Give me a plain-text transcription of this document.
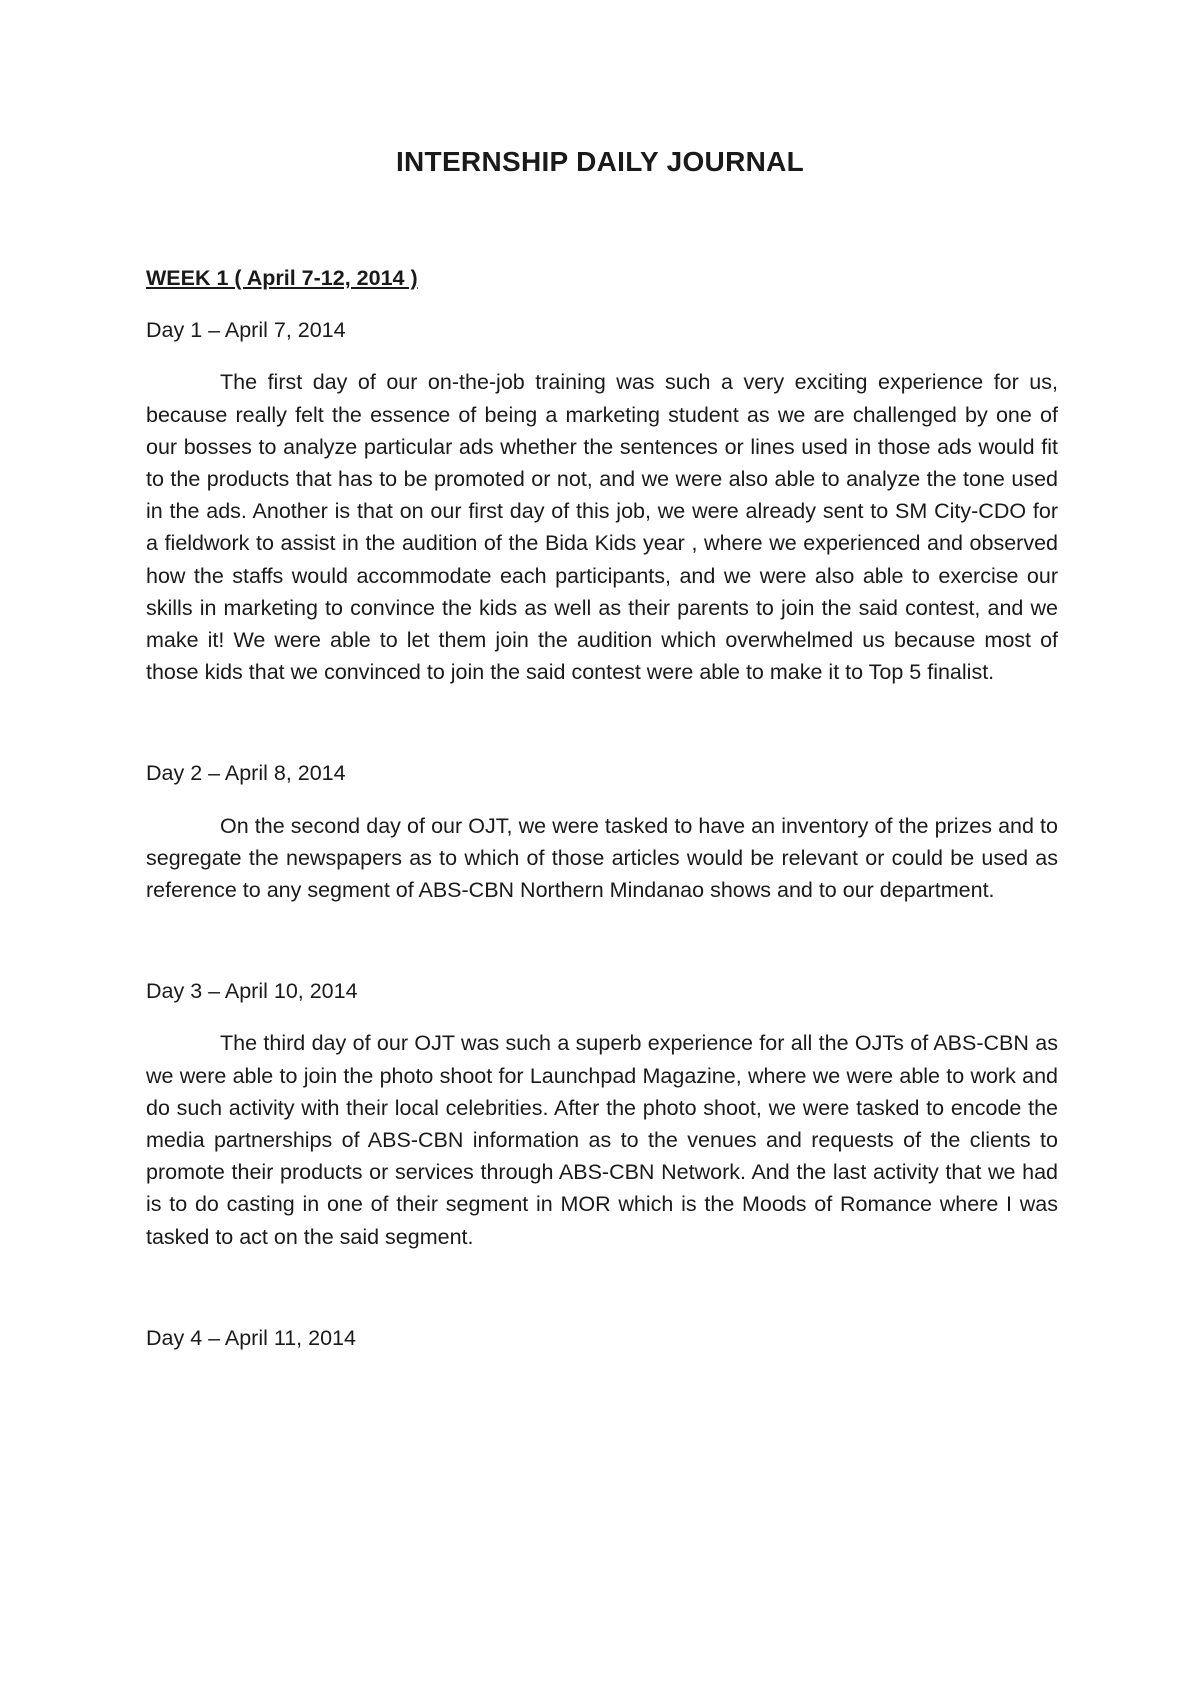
INTERNSHIP DAILY JOURNAL

WEEK 1 ( April 7-12, 2014 )

Day 1 – April 7, 2014

The first day of our on-the-job training was such a very exciting experience for us, because really felt the essence of being a marketing student as we are challenged by one of our bosses to analyze particular ads whether the sentences or lines used in those ads would fit to the products that has to be promoted or not, and we were also able to analyze the tone used in the ads. Another is that on our first day of this job, we were already sent to SM City-CDO for a fieldwork to assist in the audition of the Bida Kids year , where we experienced and observed how the staffs would accommodate each participants, and we were also able to exercise our skills in marketing to convince the kids as well as their parents to join the said contest, and we make it! We were able to let them join the audition which overwhelmed us because most of those kids that we convinced to join the said contest were able to make it to Top 5 finalist.

Day 2 – April 8, 2014

On the second day of our OJT, we were tasked to have an inventory of the prizes and to segregate the newspapers as to which of those articles would be relevant or could be used as reference to any segment of ABS-CBN Northern Mindanao shows and to our department.

Day 3 – April 10, 2014

The third day of our OJT was such a superb experience for all the OJTs of ABS-CBN as we were able to join the photo shoot for Launchpad Magazine, where we were able to work and do such activity with their local celebrities. After the photo shoot, we were tasked to encode the media partnerships of ABS-CBN information as to the venues and requests of the clients to promote their products or services through ABS-CBN Network. And the last activity that we had is to do casting in one of their segment in MOR which is the Moods of Romance where I was tasked to act on the said segment.

Day 4 – April 11, 2014
